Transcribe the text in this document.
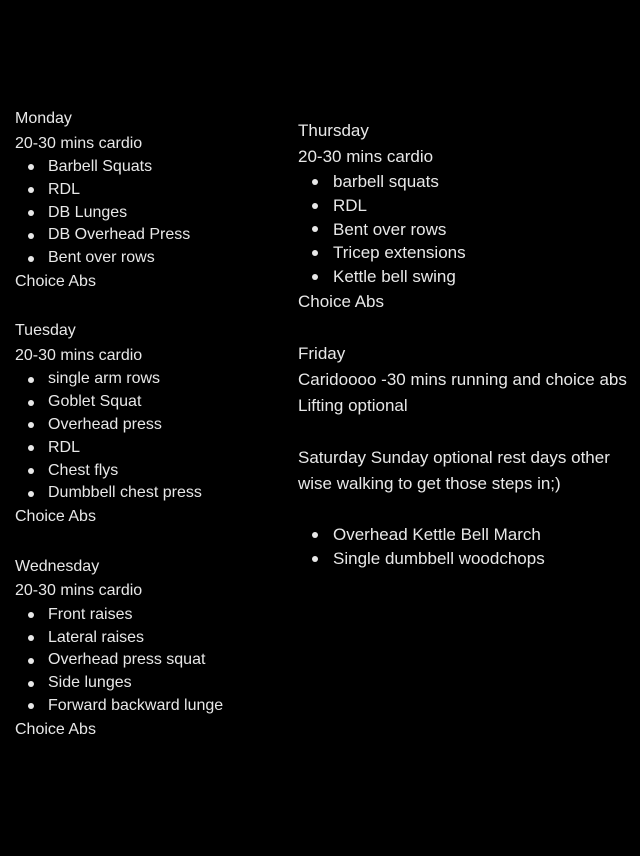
Monday
20-30 mins cardio
Barbell Squats
RDL
DB Lunges
DB Overhead Press
Bent over rows
Choice Abs
Tuesday
20-30 mins cardio
single arm rows
Goblet Squat
Overhead press
RDL
Chest flys
Dumbbell chest press
Choice Abs
Wednesday
20-30 mins cardio
Front raises
Lateral raises
Overhead press squat
Side lunges
Forward backward lunge
Choice Abs
Thursday
20-30 mins cardio
barbell squats
RDL
Bent over rows
Tricep extensions
Kettle bell swing
Choice Abs
Friday
Caridoooo -30 mins running and choice abs
Lifting optional
Saturday Sunday optional rest days other
wise walking to get those steps in;)
Overhead Kettle Bell March
Single dumbbell woodchops
